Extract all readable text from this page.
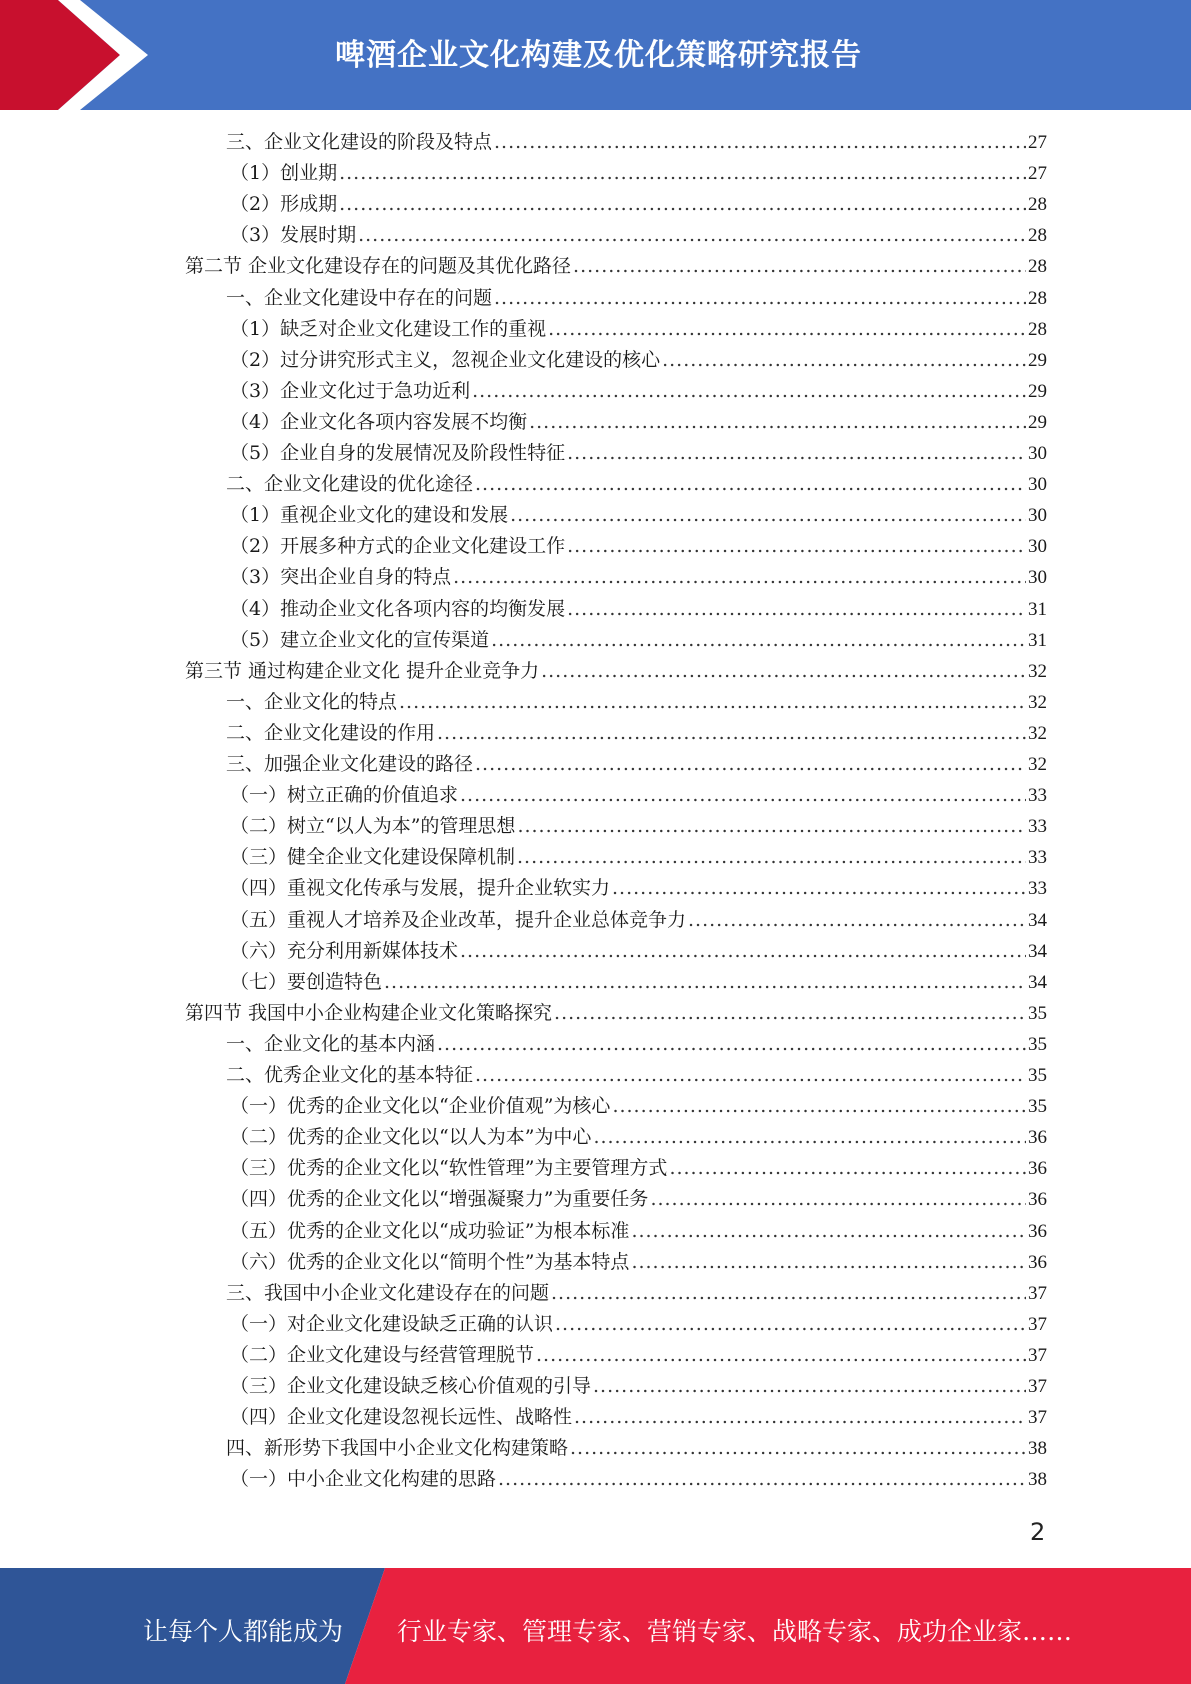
啤酒企业文化构建及优化策略研究报告
三、企业文化建设的阶段及特点 .....	27
（1）创业期 .....	27
（2）形成期 .....	28
（3）发展时期 .....	28
第二节 企业文化建设存在的问题及其优化路径 .....	28
一、企业文化建设中存在的问题 .....	28
（1）缺乏对企业文化建设工作的重视 .....	28
（2）过分讲究形式主义，忽视企业文化建设的核心 .....	29
（3）企业文化过于急功近利 .....	29
（4）企业文化各项内容发展不均衡 .....	29
（5）企业自身的发展情况及阶段性特征 .....	30
二、企业文化建设的优化途径 .....	30
（1）重视企业文化的建设和发展 .....	30
（2）开展多种方式的企业文化建设工作 .....	30
（3）突出企业自身的特点 .....	30
（4）推动企业文化各项内容的均衡发展 .....	31
（5）建立企业文化的宣传渠道 .....	31
第三节 通过构建企业文化 提升企业竞争力 .....	32
一、企业文化的特点 .....	32
二、企业文化建设的作用 .....	32
三、加强企业文化建设的路径 .....	32
（一）树立正确的价值追求 .....	33
（二）树立“以人为本”的管理思想 .....	33
（三）健全企业文化建设保障机制 .....	33
（四）重视文化传承与发展，提升企业软实力 .....	33
（五）重视人才培养及企业改革，提升企业总体竞争力 .....	34
（六）充分利用新媒体技术 .....	34
（七）要创造特色 .....	34
第四节 我国中小企业构建企业文化策略探究 .....	35
一、企业文化的基本内涵 .....	35
二、优秀企业文化的基本特征 .....	35
（一）优秀的企业文化以“企业价值观”为核心 .....	35
（二）优秀的企业文化以“以人为本”为中心 .....	36
（三）优秀的企业文化以“软性管理”为主要管理方式 .....	36
（四）优秀的企业文化以“增强凝聚力”为重要任务 .....	36
（五）优秀的企业文化以“成功验证”为根本标准 .....	36
（六）优秀的企业文化以“简明个性”为基本特点 .....	36
三、我国中小企业文化建设存在的问题 .....	37
（一）对企业文化建设缺乏正确的认识 .....	37
（二）企业文化建设与经营管理脱节 .....	37
（三）企业文化建设缺乏核心价值观的引导 .....	37
（四）企业文化建设忽视长远性、战略性 .....	37
四、新形势下我国中小企业文化构建策略 .....	38
（一）中小企业文化构建的思路 .....	38
2
让每个人都能成为 行业专家、管理专家、营销专家、战略专家、成功企业家……
